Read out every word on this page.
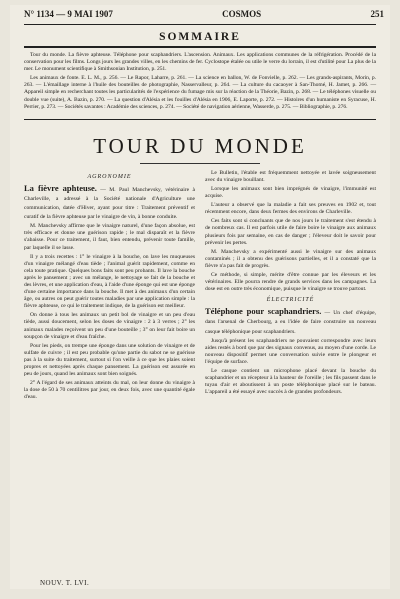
N° 1134 — 9 MAI 1907	COSMOS	251
SOMMAIRE

Tour du monde. La fièvre aphteuse. Téléphone pour scaphandriers. L'ascension. Animaux. Les applications communes de la réfrigération. Procédé de la conservation pour les films. Longs jours les grandes villes, en les chemins de fer. Cyclostope étalée ou utile le verre du lorrain, il est d'utilité pour La plus de la mer. Le monument scientifique à Smithsonian Institution, p. 251.

Les animaux de fonte. E. L. M., p. 256. — Le Rapor, Laharre, p. 261. — La science en ballon, W. de Fonvielle, p. 262. — Les grands-aspirants, Morin, p. 263. — L'émaillage interne à l'huile des bouteilles de photographie, Nasservalleur, p. 264. — La culture du cacaoyer à San-Thomé, H. Jamet, p. 266. — Appareil simple en recherchant toutes les particularités de l'expérience du fumage mis sur la réaction de la Théorie, Bazin, p. 268. — Le téléphones visuelle ou double vue (suite), A. Bazin, p. 270. — La question d'Alésia et les fouilles d'Alésia en 1906, E. Laporte, p. 272. — Histoires d'un humaniste en Syracuse, H. Perrier, p. 273. — Sociétés savantes : Académie des sciences, p. 274. — Société de navigation aérienne, Wasserde, p. 275. — Bibliographie, p. 276.

TOUR DU MONDE
AGRONOMIE
La fièvre aphteuse. — M. Paul Manchevsky, vétérinaire à Charleville, a adressé à la Société nationale d'Agriculture une communication, datée d'Hiver, ayant pour titre : Traitement préventif et curatif de la fièvre aphteuse par le vinaigre de vin, à bonne conduite.

M. Manchevsky affirme que le vinaigre naturel, d'une façon absolue, est très efficace et donne une guérison rapide ; le mal disparaît et la fièvre s'abaisse. Pour ce traitement, il faut, bien entendu, prévenir toute famille, par laquelle il se lasse.

Il y a trois recettes : 1° le vinaigre à la bouche, on lave les muqueuses d'un vinaigre mélangé d'eau tiède ; l'animal guérit rapidement, comme en cela toute pratique. Quelques bons faits sont peu probants. Il lave la bouche après le pansement ; avec un mélange, le nettoyage se fait de la bouche et des lèvres, et une application d'eau, à l'aide d'une éponge qui est une éponge d'une certaine importance dans la bouche. Il met à des animaux d'un certain âge, ou autres on peut guérir toutes maladies par une application simple : la fièvre aphteuse, ce qui le traitement indique, de la guérison est meilleur.

On donne à tous les animaux un petit bol de vinaigre et un peu d'eau tiède, aussi doucement, selon les doses de vinaigre : 2 à 3 verres ; 2° les animaux malades reçoivent un peu d'une bouteille ; 3° on leur fait boire un soupçon de vinaigre et d'eau fraîche.

Pour les pieds, on trempe une éponge dans une solution de vinaigre et de sulfate de cuivre ; il est peu probable qu'une partie du sabot ne se guérisse pas à la suite du traitement, surtout si l'on veille à ce que les plaies soient propres et nettoyées après chaque pansement. La guérison est assurée en peu de jours, quand les animaux sont bien soignés.

2° A l'égard de ses animaux atteints du mal, on leur donne du vinaigre à la dose de 50 à 70 centilitres par jour, en deux fois, avec une quantité égale d'eau.

Le Bulletin, l'étable est fréquemment nettoyée et lavée soigneusement avec du vinaigre bouillant.

Lorsque les animaux sont bien imprégnés de vinaigre, l'immunité est acquise.

L'auteur a observé que la maladie a fait ses preuves en 1902 et, tout récemment encore, dans deux fermes des environs de Charleville.

Ces faits sont si concluants que de nos jours le traitement s'est étendu à de nombreux cas. Il est parfois utile de faire boire le vinaigre aux animaux plusieurs fois par semaine, en cas de danger ; l'éleveur doit le savoir pour prévenir les pertes.

M. Manchevsky a expérimenté aussi le vinaigre sur des animaux contaminés ; il a obtenu des guérisons partielles, et il a constaté que la fièvre n'a pas fait de progrès.

Ce méthode, si simple, mérite d'être connue par les éleveurs et les vétérinaires. Elle pourra rendre de grands services dans les campagnes. La dose est en outre très économique, puisque le vinaigre se trouve partout.

ÉLECTRICITÉ
Téléphone pour scaphandriers. — Un chef d'équipe, dans l'arsenal de Cherbourg, a eu l'idée de faire construire un nouveau casque téléphonique pour scaphandriers.

Jusqu'à présent les scaphandriers ne pouvaient correspondre avec leurs aides restés à bord que par des signaux convenus, au moyen d'une corde. Le nouveau dispositif permet une conversation suivie entre le plongeur et l'équipe de surface.

Le casque contient un microphone placé devant la bouche du scaphandrier et un récepteur à la hauteur de l'oreille ; les fils passent dans le tuyau d'air et aboutissent à un poste téléphonique placé sur le bateau. L'appareil a été essayé avec succès à de grandes profondeurs.

NOUV. T. LVI.
